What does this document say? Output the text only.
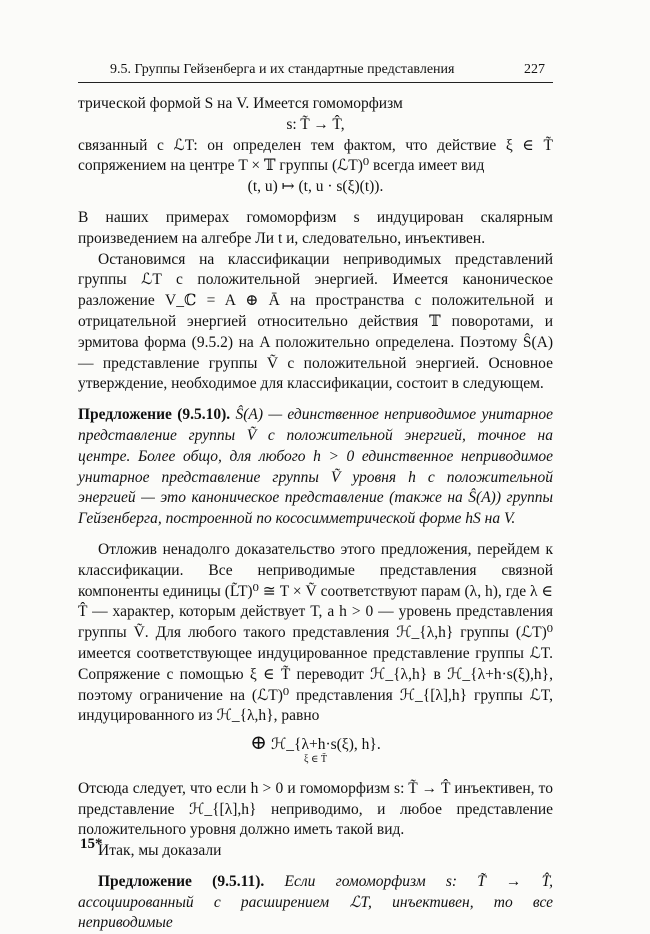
9.5. Группы Гейзенберга и их стандартные представления	227

трической формой S на V. Имеется гомоморфизм

s: T̃ → T̂,

связанный с ℒT: он определен тем фактом, что действие ξ ∈ T̃ сопряжением на центре T × 𝕋 группы (ℒT)⁰ всегда имеет вид

(t, u) ↦ (t, u · s(ξ)(t)).

В наших примерах гомоморфизм s индуцирован скалярным произведением на алгебре Ли t и, следовательно, инъективен.

Остановимся на классификации неприводимых представлений группы ℒT с положительной энергией. Имеется каноническое разложение V_ℂ = A ⊕ Ā на пространства с положительной и отрицательной энергией относительно действия 𝕋 поворотами, и эрмитова форма (9.5.2) на A положительно определена. Поэтому Ŝ(A) — представление группы Ṽ с положительной энергией. Основное утверждение, необходимое для классификации, состоит в следующем.

Предложение (9.5.10). Ŝ(A) — единственное неприводимое унитарное представление группы Ṽ с положительной энергией, точное на центре. Более общо, для любого h > 0 единственное неприводимое унитарное представление группы Ṽ уровня h с положительной энергией — это каноническое представление (также на Ŝ(A)) группы Гейзенберга, построенной по кососимметрической форме hS на V.

Отложив ненадолго доказательство этого предложения, перейдем к классификации. Все неприводимые представления связной компоненты единицы (L̃T)⁰ ≅ T × Ṽ соответствуют парам (λ, h), где λ ∈ T̂ — характер, которым действует T, а h > 0 — уровень представления группы Ṽ. Для любого такого представления ℋ_{λ,h} группы (ℒT)⁰ имеется соответствующее индуцированное представление группы ℒT. Сопряжение с помощью ξ ∈ T̃ переводит ℋ_{λ,h} в ℋ_{λ+h·s(ξ),h}, поэтому ограничение на (ℒT)⁰ представления ℋ_{[λ],h} группы ℒT, индуцированного из ℋ_{λ,h}, равно

⊕ ℋ_{λ+h·s(ξ), h}.
ξ ∈ T̃

Отсюда следует, что если h > 0 и гомоморфизм s: T̃ → T̂ инъективен, то представление ℋ_{[λ],h} неприводимо, и любое представление положительного уровня должно иметь такой вид.

Итак, мы доказали

Предложение (9.5.11). Если гомоморфизм s: T̃ → T̂, ассоциированный с расширением ℒT, инъективен, то все неприводимые

15*
